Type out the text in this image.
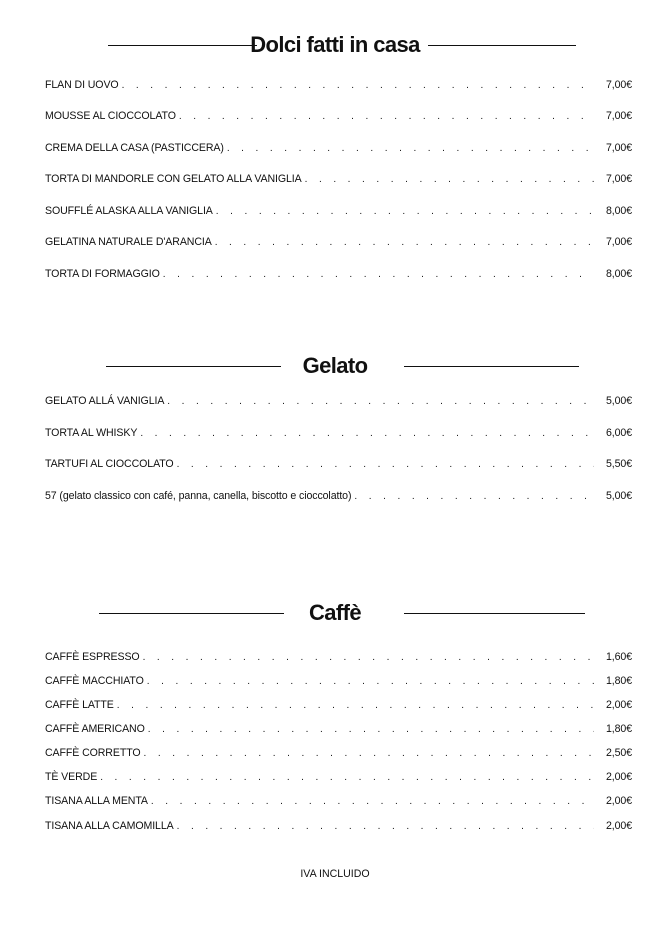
Dolci fatti in casa
FLAN DI UOVO . . .	7,00€
MOUSSE AL CIOCCOLATO . . .	7,00€
CREMA DELLA CASA (PASTICCERA) . . .	7,00€
TORTA DI MANDORLE CON GELATO ALLA VANIGLIA . . .	7,00€
SOUFFLÉ ALASKA ALLA VANIGLIA . . .	8,00€
GELATINA NATURALE D'ARANCIA . . .	7,00€
TORTA DI FORMAGGIO . . .	8,00€
Gelato
GELATO ALLÁ VANIGLIA . . .	5,00€
TORTA AL WHISKY . . .	6,00€
TARTUFI AL CIOCCOLATO . . .	5,50€
57 (gelato classico con café, panna, canella, biscotto e cioccolatto) . . .	5,00€
Caffè
CAFFÈ ESPRESSO . . .	1,60€
CAFFÈ MACCHIATO . . .	1,80€
CAFFÈ LATTE . . .	2,00€
CAFFÈ AMERICANO . . .	1,80€
CAFFÈ CORRETTO . . .	2,50€
TÈ VERDE . . .	2,00€
TISANA ALLA MENTA . . .	2,00€
TISANA ALLA CAMOMILLA . . .	2,00€
IVA INCLUIDO
